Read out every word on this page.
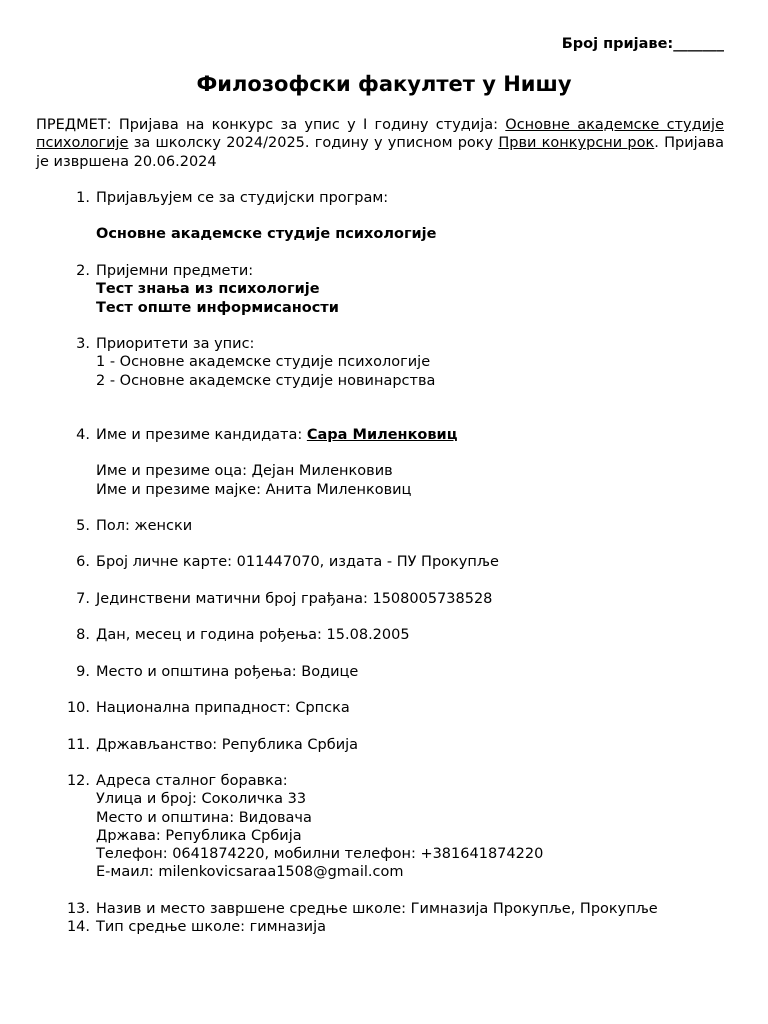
Број пријаве:_______
Филозофски факултет у Нишу
ПРЕДМЕТ: Пријава на конкурс за упис у I годину студија: Основне академске студије психологије за школску 2024/2025. годину у уписном року Први конкурсни рок. Пријава је извршена 20.06.2024
1. Пријављујем се за студијски програм:
Основне академске студије психологије
2. Пријемни предмети:
Тест знања из психологије
Тест опште информисаности
3. Приоритети за упис:
1 - Основне академске студије психологије
2 - Основне академске студије новинарства
4. Име и презиме кандидата: Сара Миленковиц
Име и презиме оца: Дејан Миленковив
Име и презиме мајке: Анита Миленковиц
5. Пол: женски
6. Број личне карте: 011447070, издата - ПУ Прокупље
7. Јединствени матични број грађана: 1508005738528
8. Дан, месец и година рођења: 15.08.2005
9. Место и општина рођења: Водице
10. Национална припадност: Српска
11. Држављанство: Република Србија
12. Адреса сталног боравка:
Улица и број: Соколичка 33
Место и општина: Видовача
Држава: Република Србија
Телефон: 0641874220, мобилни телефон: +381641874220
Е-маил: milenkovicsaraa1508@gmail.com
13. Назив и место завршене средње школе: Гимназија Прокупље, Прокупље
14. Тип средње школе: гимназија
